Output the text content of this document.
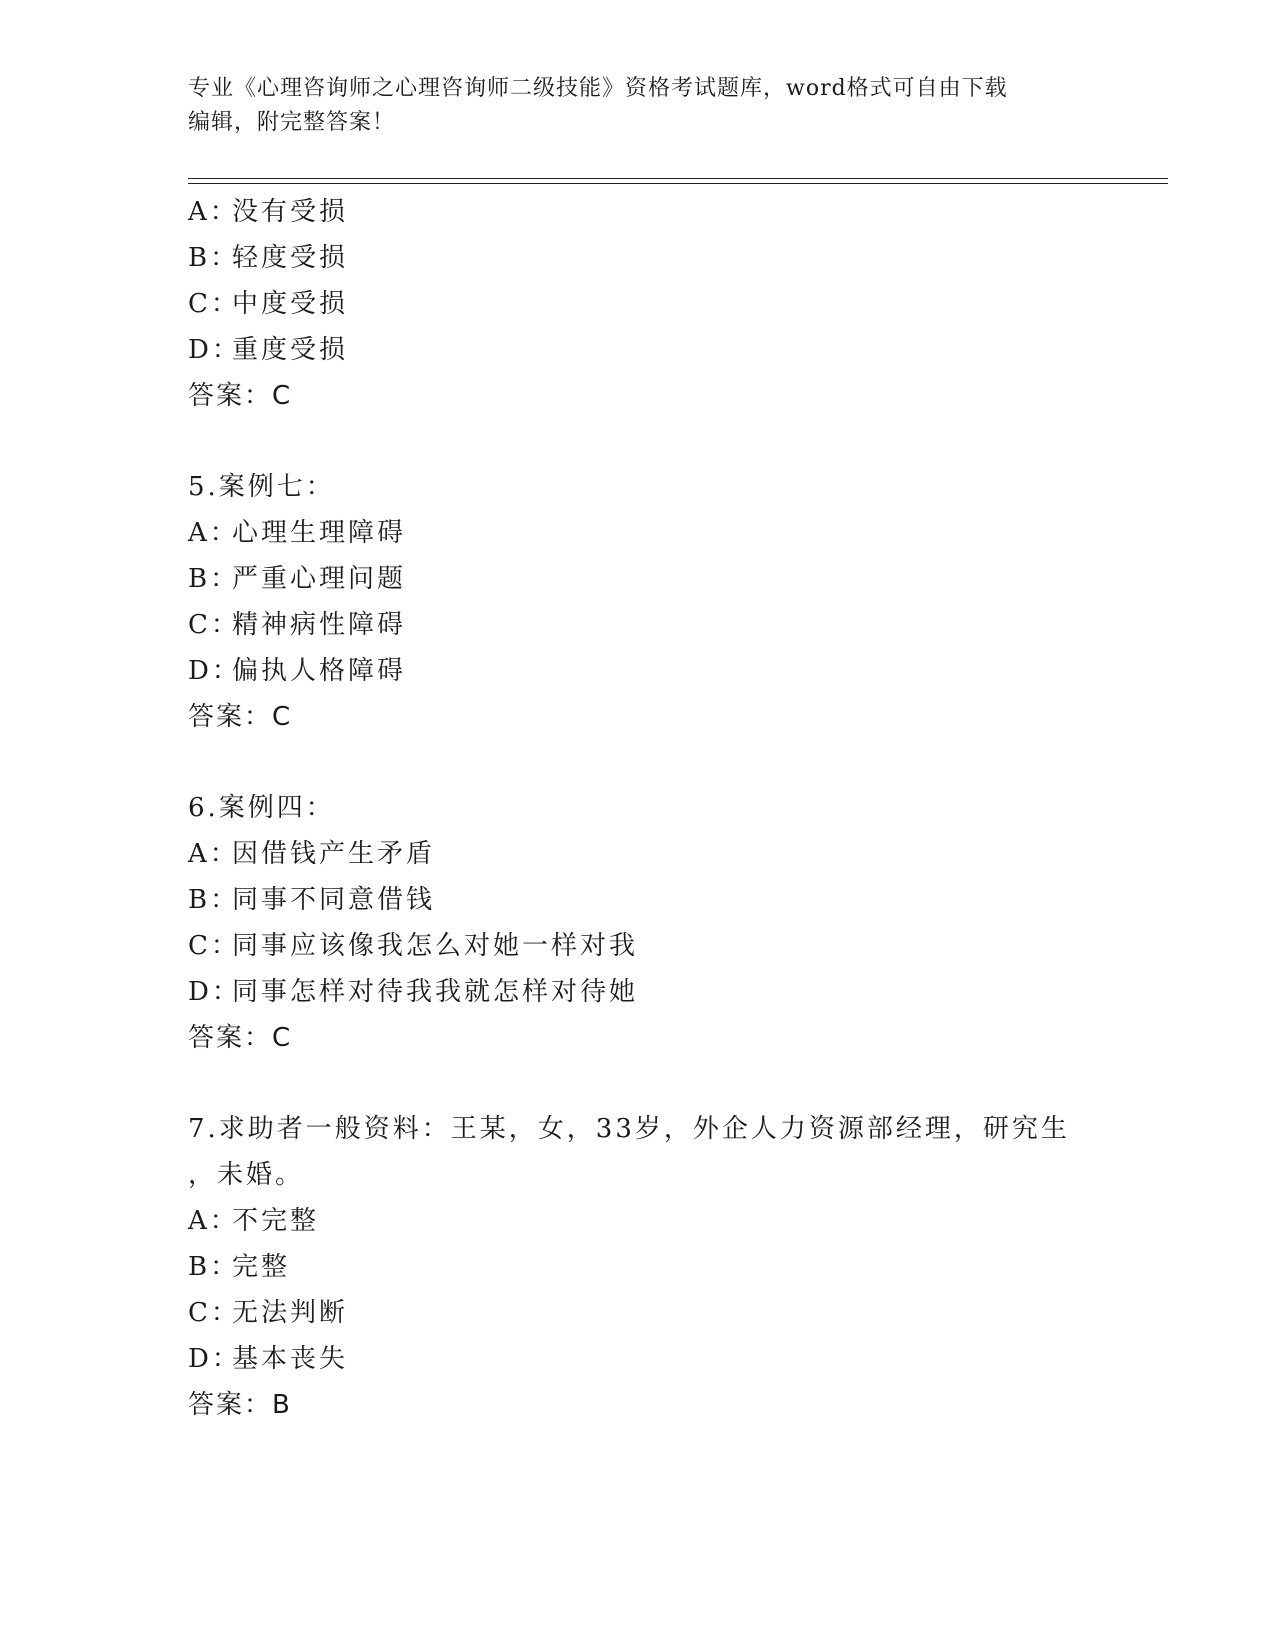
专业《心理咨询师之心理咨询师二级技能》资格考试题库，word格式可自由下载
编辑，附完整答案！
A：没有受损
B：轻度受损
C：中度受损
D：重度受损
答案：C
5.案例七：
A：心理生理障碍
B：严重心理问题
C：精神病性障碍
D：偏执人格障碍
答案：C
6.案例四：
A：因借钱产生矛盾
B：同事不同意借钱
C：同事应该像我怎么对她一样对我
D：同事怎样对待我我就怎样对待她
答案：C
7.求助者一般资料：王某，女，33岁，外企人力资源部经理，研究生
，未婚。
A：不完整
B：完整
C：无法判断
D：基本丧失
答案：B
